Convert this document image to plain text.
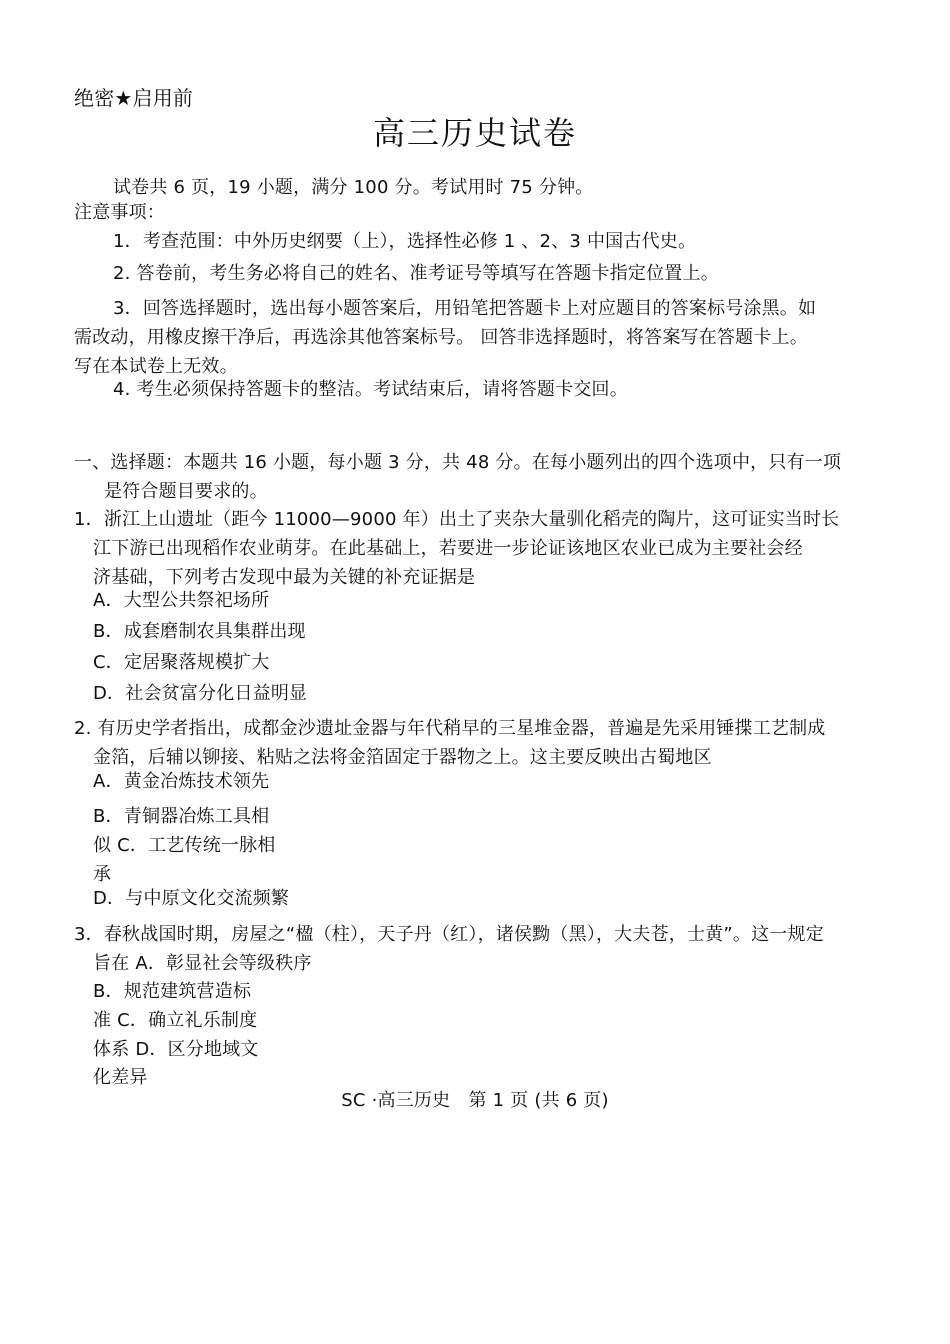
绝密★启用前
高三历史试卷
试卷共 6 页，19 小题，满分 100 分。考试用时 75 分钟。
注意事项：
1．考查范围：中外历史纲要（上），选择性必修 1 、2、3 中国古代史。
2. 答卷前，考生务必将自己的姓名、准考证号等填写在答题卡指定位置上。
3．回答选择题时，选出每小题答案后，用铅笔把答题卡上对应题目的答案标号涂黑。如
需改动，用橡皮擦干净后，再选涂其他答案标号。 回答非选择题时，将答案写在答题卡上。
写在本试卷上无效。
4. 考生必须保持答题卡的整洁。考试结束后，请将答题卡交回。
一、选择题：本题共 16 小题，每小题 3 分，共 48 分。在每小题列出的四个选项中，只有一项
是符合题目要求的。
1．浙江上山遗址（距今 11000—9000 年）出土了夹杂大量驯化稻壳的陶片，这可证实当时长
江下游已出现稻作农业萌芽。在此基础上，若要进一步论证该地区农业已成为主要社会经
济基础，下列考古发现中最为关键的补充证据是
A．大型公共祭祀场所
B．成套磨制农具集群出现
C．定居聚落规模扩大
D．社会贫富分化日益明显
2. 有历史学者指出，成都金沙遗址金器与年代稍早的三星堆金器，普遍是先采用锤揲工艺制成
金箔，后辅以铆接、粘贴之法将金箔固定于器物之上。这主要反映出古蜀地区
A．黄金冶炼技术领先
B．青铜器冶炼工具相
似 C．工艺传统一脉相
承
D．与中原文化交流频繁
3．春秋战国时期，房屋之“楹（柱），天子丹（红），诸侯黝（黑），大夫苍，士黄”。这一规定
旨在 A．彰显社会等级秩序
B．规范建筑营造标
准 C．确立礼乐制度
体系 D．区分地域文
化差异
SC ·高三历史　第 1 页 (共 6 页)
